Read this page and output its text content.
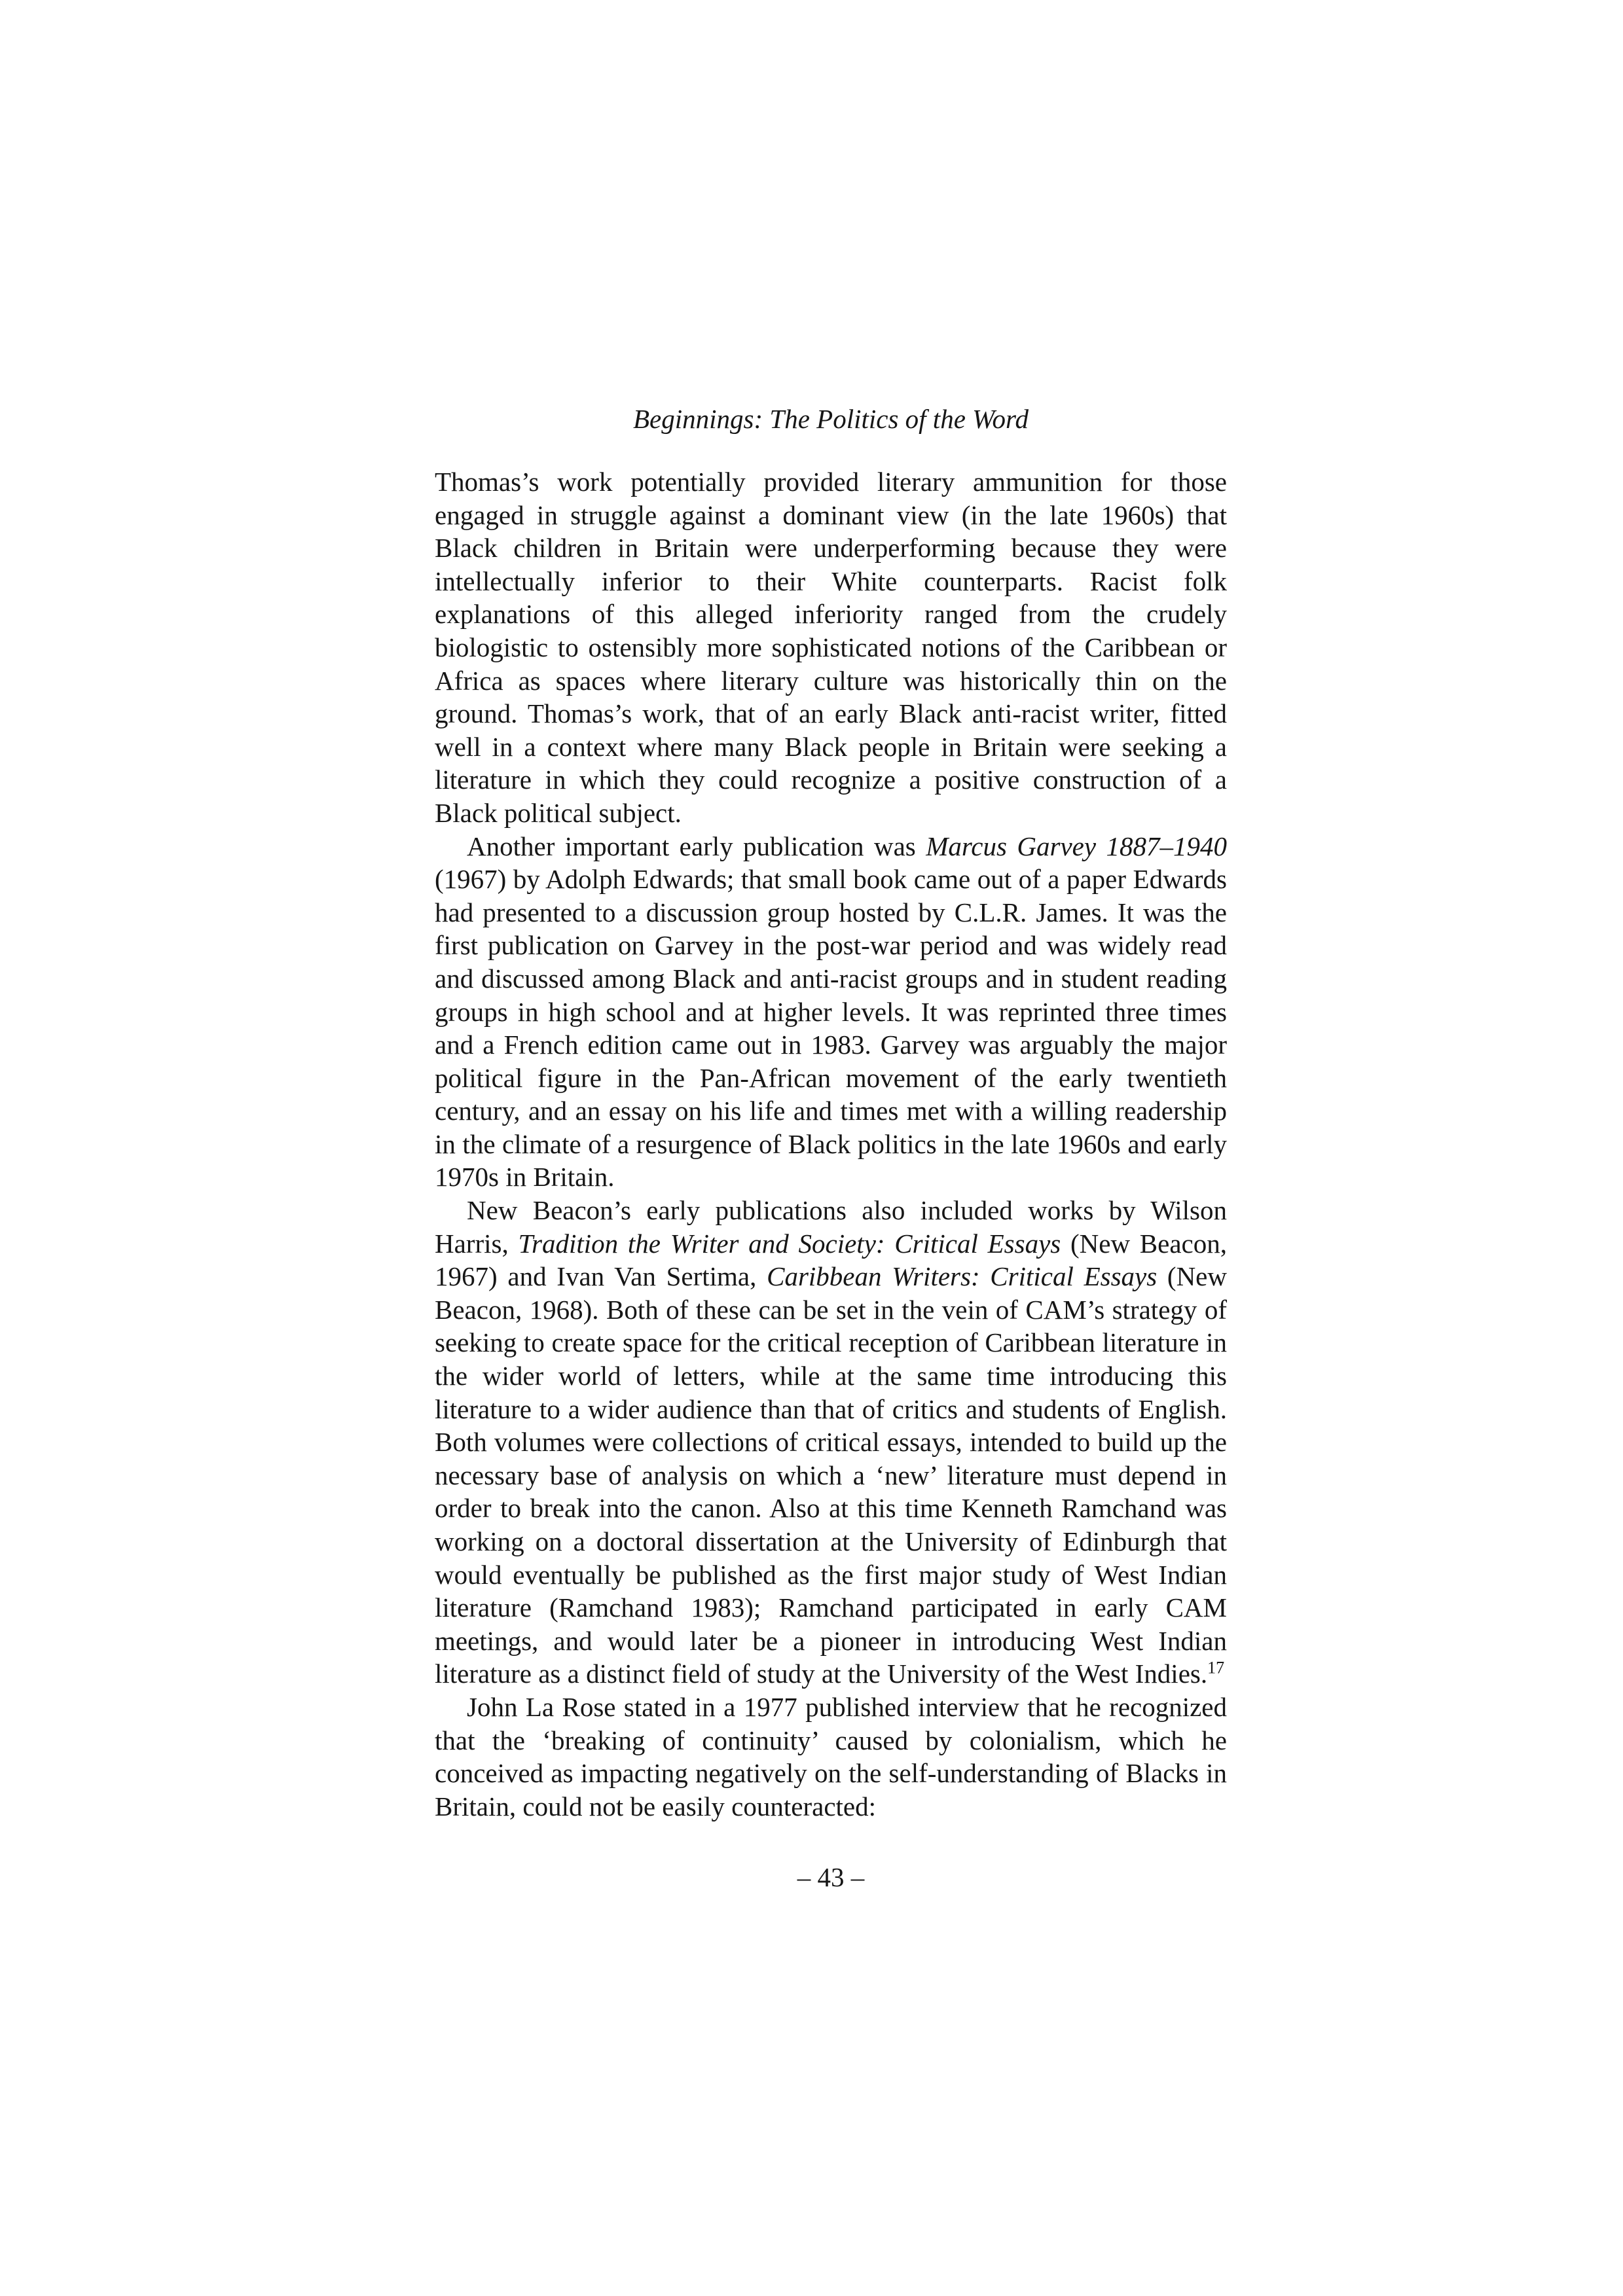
Beginnings: The Politics of the Word

Thomas’s work potentially provided literary ammunition for those engaged in struggle against a dominant view (in the late 1960s) that Black children in Britain were underperforming because they were intellectually inferior to their White counterparts. Racist folk explanations of this alleged inferiority ranged from the crudely biologistic to ostensibly more sophisticated notions of the Caribbean or Africa as spaces where literary culture was historically thin on the ground. Thomas’s work, that of an early Black anti-racist writer, fitted well in a context where many Black people in Britain were seeking a literature in which they could recognize a positive construction of a Black political subject.

Another important early publication was Marcus Garvey 1887–1940 (1967) by Adolph Edwards; that small book came out of a paper Edwards had presented to a discussion group hosted by C.L.R. James. It was the first publication on Garvey in the post-war period and was widely read and discussed among Black and anti-racist groups and in student reading groups in high school and at higher levels. It was reprinted three times and a French edition came out in 1983. Garvey was arguably the major political figure in the Pan-African movement of the early twentieth century, and an essay on his life and times met with a willing readership in the climate of a resurgence of Black politics in the late 1960s and early 1970s in Britain.

New Beacon’s early publications also included works by Wilson Harris, Tradition the Writer and Society: Critical Essays (New Beacon, 1967) and Ivan Van Sertima, Caribbean Writers: Critical Essays (New Beacon, 1968). Both of these can be set in the vein of CAM’s strategy of seeking to create space for the critical reception of Caribbean literature in the wider world of letters, while at the same time introducing this literature to a wider audience than that of critics and students of English. Both volumes were collections of critical essays, intended to build up the necessary base of analysis on which a ‘new’ literature must depend in order to break into the canon. Also at this time Kenneth Ramchand was working on a doctoral dissertation at the University of Edinburgh that would eventually be published as the first major study of West Indian literature (Ramchand 1983); Ramchand participated in early CAM meetings, and would later be a pioneer in introducing West Indian literature as a distinct field of study at the University of the West Indies.$^{17}$

John La Rose stated in a 1977 published interview that he recognized that the ‘breaking of continuity’ caused by colonialism, which he conceived as impacting negatively on the self-understanding of Blacks in Britain, could not be easily counteracted:

– 43 –
